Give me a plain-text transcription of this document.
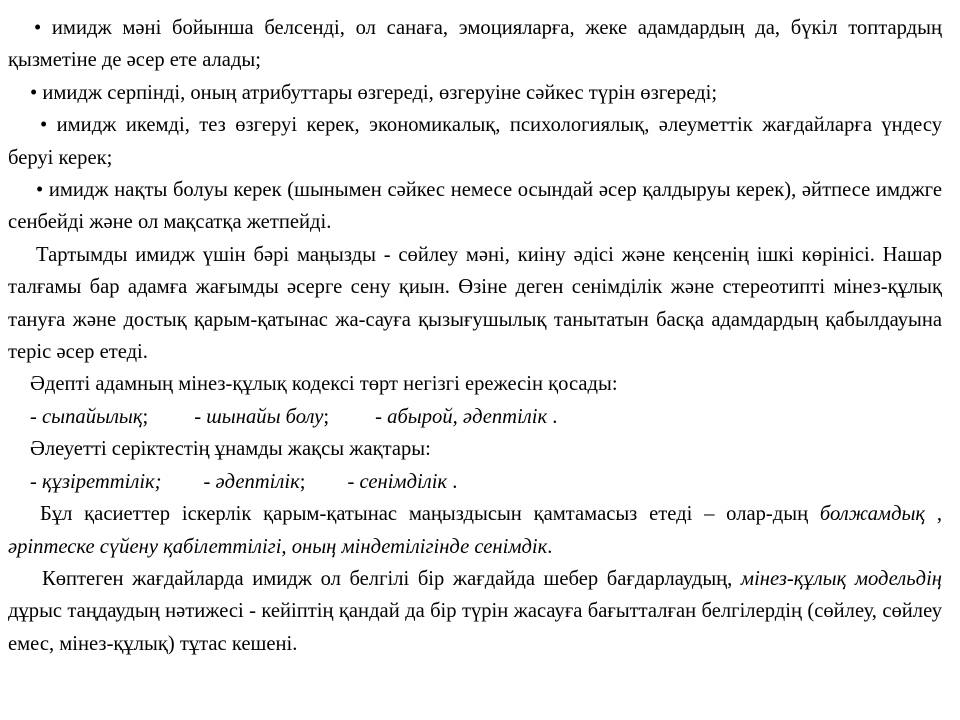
• имидж мәні бойынша белсенді, ол санаға, эмоцияларға, жеке адамдардың да, бүкіл топтардың қызметіне де әсер ете алады;

• имидж серпінді, оның атрибуттары өзгереді, өзгеруіне сәйкес түрін өзгереді;

• имидж икемді, тез өзгеруі керек, экономикалық, психологиялық, әлеуметтік жағдайларға үндесу беруі керек;

• имидж нақты болуы керек (шынымен сәйкес немесе осындай әсер қалдыруы керек), әйтпесе имджге сенбейді және ол мақсатқа жетпейді.

Тартымды имидж үшін бәрі маңызды - сөйлеу мәні, киіну әдісі және кеңсенің ішкі көрінісі. Нашар талғамы бар адамға жағымды әсерге сену қиын. Өзіне деген сенімділік және стереотипті мінез-құлық тануға және достық қарым-қатынас жа-сауға қызығушылық танытатын басқа адамдардың қабылдауына теріс әсер етеді.

Әдепті адамның мінез-құлық кодексі төрт негізгі ережесін қосады:

- сыпайылық; - шынайы болу; - абырой, әдептілік .

Әлеуетті серіктестің ұнамды жақсы жақтары:

- құзіреттілік; - әдептілік; - сенімділік .

Бұл қасиеттер іскерлік қарым-қатынас маңыздысын қамтамасыз етеді – олар-дың болжамдық , әріптеске сүйену қабілеттілігі, оның міндетілігінде сенімдік.

Көптеген жағдайларда имидж ол белгілі бір жағдайда шебер бағдарлаудың, мінез-құлық модельдің дұрыс таңдаудың нәтижесі - кейіптің қандай да бір түрін жасауға бағытталған белгілердің (сөйлеу, сөйлеу емес, мінез-құлық) тұтас кешені.
